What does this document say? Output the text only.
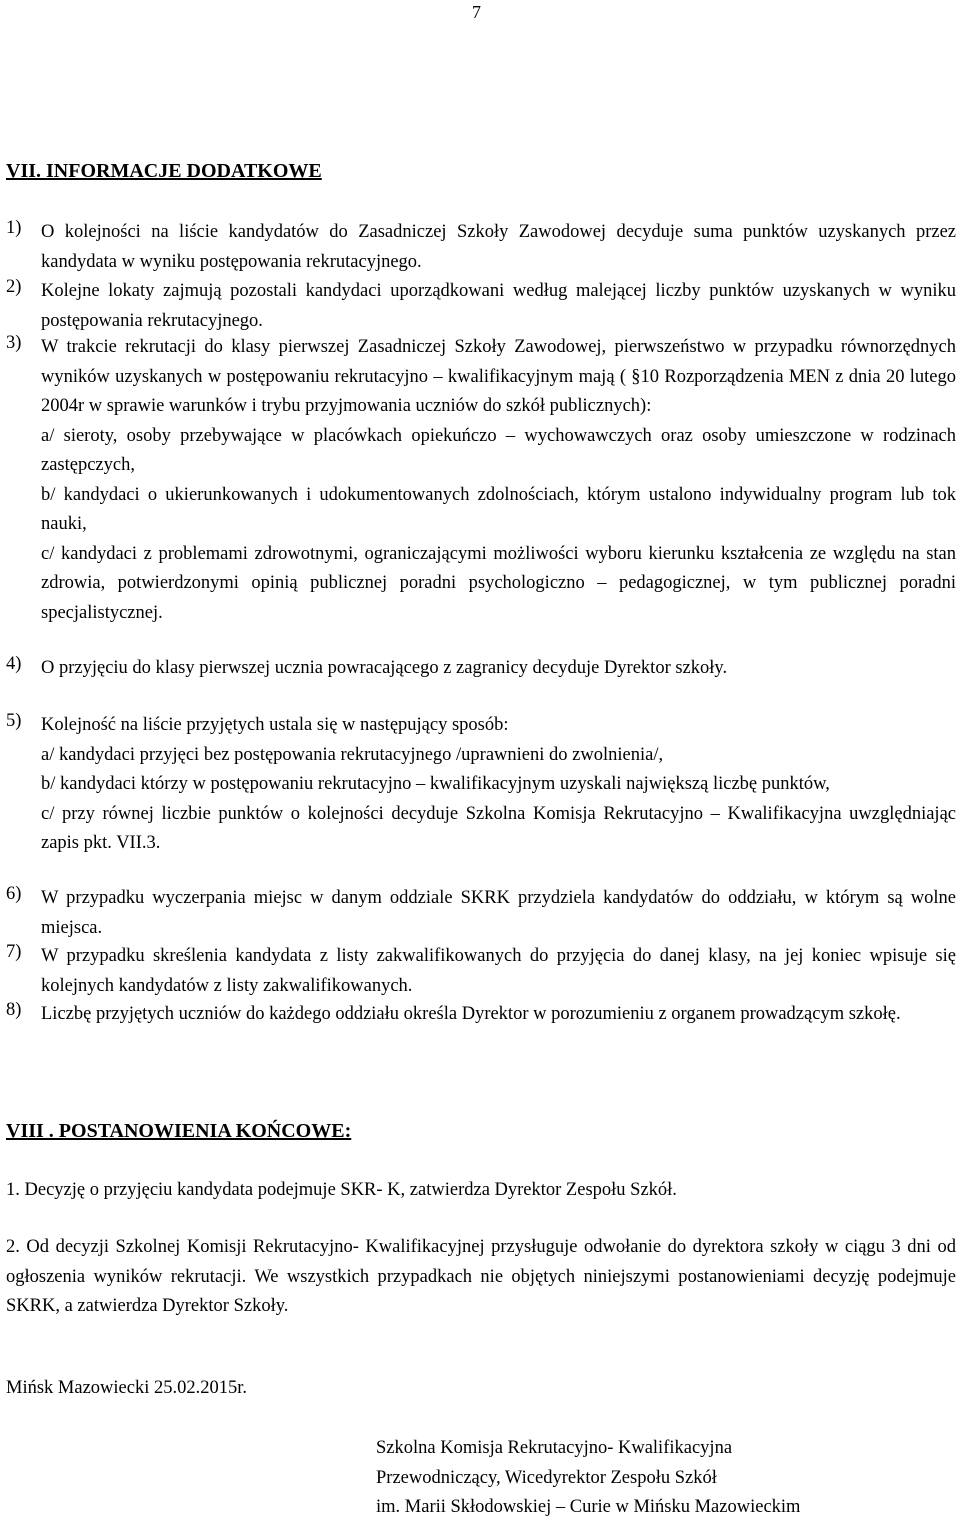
7
VII. INFORMACJE DODATKOWE
1) O kolejności na liście kandydatów do Zasadniczej Szkoły Zawodowej decyduje suma punktów uzyskanych przez kandydata w wyniku postępowania rekrutacyjnego.

2) Kolejne lokaty zajmują pozostali kandydaci uporządkowani według malejącej liczby punktów uzyskanych w wyniku postępowania rekrutacyjnego.

3) W trakcie rekrutacji do klasy pierwszej Zasadniczej Szkoły Zawodowej, pierwszeństwo w przypadku równorzędnych wyników uzyskanych w postępowaniu rekrutacyjno – kwalifikacyjnym mają ( §10 Rozporządzenia MEN z dnia 20 lutego 2004r w sprawie warunków i trybu przyjmowania uczniów do szkół publicznych):

a/ sieroty, osoby przebywające w placówkach opiekuńczo – wychowawczych oraz osoby umieszczone w rodzinach zastępczych,

b/ kandydaci o ukierunkowanych i udokumentowanych zdolnościach, którym ustalono indywidualny program lub tok nauki,

c/ kandydaci z problemami zdrowotnymi, ograniczającymi możliwości wyboru kierunku kształcenia ze względu na stan zdrowia, potwierdzonymi opinią publicznej poradni psychologiczno – pedagogicznej, w tym publicznej poradni specjalistycznej.

4) O przyjęciu do klasy pierwszej ucznia powracającego z zagranicy decyduje Dyrektor szkoły.

5) Kolejność na liście przyjętych ustala się w następujący sposób:

a/ kandydaci przyjęci bez postępowania rekrutacyjnego /uprawnieni do zwolnienia/,

b/ kandydaci którzy w postępowaniu rekrutacyjno – kwalifikacyjnym uzyskali największą liczbę punktów,

c/ przy równej liczbie punktów o kolejności decyduje Szkolna Komisja Rekrutacyjno – Kwalifikacyjna uwzględniając zapis pkt. VII.3.

6) W przypadku wyczerpania miejsc w danym oddziale SKRK przydziela kandydatów do oddziału, w którym są wolne miejsca.

7) W przypadku skreślenia kandydata z listy zakwalifikowanych do przyjęcia do danej klasy, na jej koniec wpisuje się kolejnych kandydatów z listy zakwalifikowanych.

8) Liczbę przyjętych uczniów do każdego oddziału określa Dyrektor w porozumieniu z organem prowadzącym szkołę.

VIII . POSTANOWIENIA KOŃCOWE:

1. Decyzję o przyjęciu kandydata podejmuje SKR- K, zatwierdza Dyrektor Zespołu Szkół.

2. Od decyzji Szkolnej Komisji Rekrutacyjno- Kwalifikacyjnej przysługuje odwołanie do dyrektora szkoły w ciągu 3 dni od ogłoszenia wyników rekrutacji. We wszystkich przypadkach nie objętych niniejszymi postanowieniami decyzję podejmuje SKRK, a zatwierdza Dyrektor Szkoły.

Mińsk Mazowiecki 25.02.2015r.
Szkolna Komisja Rekrutacyjno- Kwalifikacyjna
Przewodniczący, Wicedyrektor Zespołu Szkół
im. Marii Skłodowskiej – Curie w Mińsku Mazowieckim
